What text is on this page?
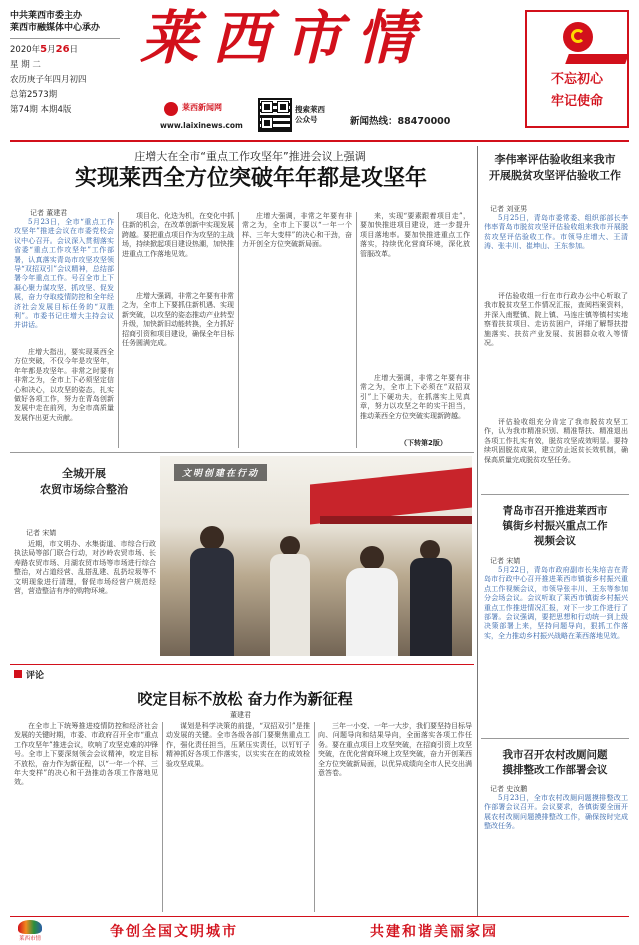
中共莱西市委主办
莱西市融媒体中心承办
2020年5月26日
星 期 二
农历庚子年四月初四
总第2573期
第74期 本期4版
莱西市情
莱西新闻网
www.laixinews.com
搜索莱西
公众号	新闻热线：88470000
不忘初心
牢记使命
庄增大在全市“重点工作攻坚年”推进会议上强调
实现莱西全方位突破年年都是攻坚年
记者 董建君

5月23日，全市“重点工作攻坚年”推进会议在市委党校会议中心召开。会议深入贯彻落实省委“重点工作攻坚年”工作部署，认真落实青岛市攻坚攻坚领导“双招双引”会议精神，总结部署今年重点工作。号召全市上下凝心聚力谋攻坚、抓攻坚、促发展，奋力夺取疫情防控和全年经济社会发展目标任务的“双胜利”。市委书记庄增大主持会议并讲话。

庄增大指出，要实现莱西全方位突破，不仅今年是攻坚年，年年都是攻坚年。非常之时要有非常之为，全市上下必须坚定信心和决心，以攻坚的姿态，扎实做好各项工作，努力在青岛创新发展中走在前列，为全市高质量发展作出更大贡献。

项目化、化迭为机，在变化中抓住新的机会，在改革创新中实现发展跨越。要把重点项目作为攻坚的主战场，持续掀起项目建设热潮，加快推进重点工作落地见效。

庄增大强调，非常之年要有非常之为，全市上下要抓住新机遇、实现新突破，以攻坚的姿态推动产业转型升级，加快新旧动能转换，全力抓好招商引资和项目建设，确保全年目标任务圆满完成。

庄增大强调，非常之年要有非常之为，全市上下要以“一年一个样、三年大变样”的决心和干劲，奋力开创全方位突破新局面。

来，实现“要素跟着项目走”，要加快推进项目建设，进一步提升项目落地率。要加快推进重点工作落实，持续优化营商环境，深化放管服改革。

庄增大强调，非常之年要有非常之为，全市上下必须在“双招双引”上下硬功夫，在抓落实上见真章，努力以攻坚之年的实干担当，推动莱西全方位突破实现新跨越。

（下转第2版）
李伟率评估验收组来我市
开展脱贫攻坚评估验收工作
记者 刘亚男

5月25日，青岛市委常委、组织部部长李伟率青岛市脱贫攻坚评估验收组来我市开展脱贫攻坚评估验收工作。市领导庄增大、王清涛、张丰川、崔坤山、王东参加。

评估验收组一行在市行政办公中心听取了我市脱贫攻坚工作情况汇报，查阅档案资料，并深入南墅镇、院上镇、马连庄镇等镇村实地察看扶贫项目、走访贫困户，详细了解帮扶措施落实、扶贫产业发展、贫困群众收入等情况。

评估验收组充分肯定了我市脱贫攻坚工作，认为我市精准识别、精准帮扶、精准退出各项工作扎实有效，脱贫攻坚成效明显。要持续巩固脱贫成果，建立防止返贫长效机制，确保高质量完成脱贫攻坚任务。

青岛市召开推进莱西市
镇街乡村振兴重点工作
视频会议
记者 宋婧

5月22日，青岛市政府副市长朱培吉在青岛市行政中心召开推进莱西市镇街乡村振兴重点工作视频会议，市领导张丰川、王东等参加分会场会议。会议听取了莱西市镇街乡村振兴重点工作推进情况汇报，对下一步工作进行了部署。会议强调，要把思想和行动统一到上级决策部署上来，坚持问题导向，狠抓工作落实，全力推动乡村振兴战略在莱西落地见效。

我市召开农村改厕问题
摸排整改工作部署会议
记者 史汝鹏

5月23日，全市农村改厕问题摸排整改工作部署会议召开。会议要求，各镇街要全面开展农村改厕问题摸排整改工作，确保按时完成整改任务。

文明创建在行动
全城开展
农贸市场综合整治
记者 宋婧

近期，市文明办、水集街道、市综合行政执法局等部门联合行动，对沙岭农贸市场、长寿路农贸市场、月湖农贸市场等市场进行综合整治，对占道经营、乱搭乱建、乱扔垃圾等不文明现象进行清理，督促市场经营户规范经营，营造整洁有序的购物环境。

评论
咬定目标不放松 奋力作为新征程
董建君

在全市上下统筹推进疫情防控和经济社会发展的关键时期，市委、市政府召开全市“重点工作攻坚年”推进会议，吹响了攻坚克难的冲锋号。全市上下要深刻领会会议精神，咬定目标不放松，奋力作为新征程，以“一年一个样、三年大变样”的决心和干劲推动各项工作落地见效。

谋划是科学决策的前提，“双招双引”是推动发展的关键。全市各级各部门要聚焦重点工作，强化责任担当，压紧压实责任，以钉钉子精神抓好各项工作落实，以实实在在的成效检验攻坚成果。

三年一小变、一年一大步，我们要坚持目标导向、问题导向和结果导向，全面落实各项工作任务。要在重点项目上攻坚突破，在招商引资上攻坚突破，在优化营商环境上攻坚突破，奋力开创莱西全方位突破新局面，以优异成绩向全市人民交出满意答卷。

莱西市情	争创全国文明城市	共建和谐美丽家园
